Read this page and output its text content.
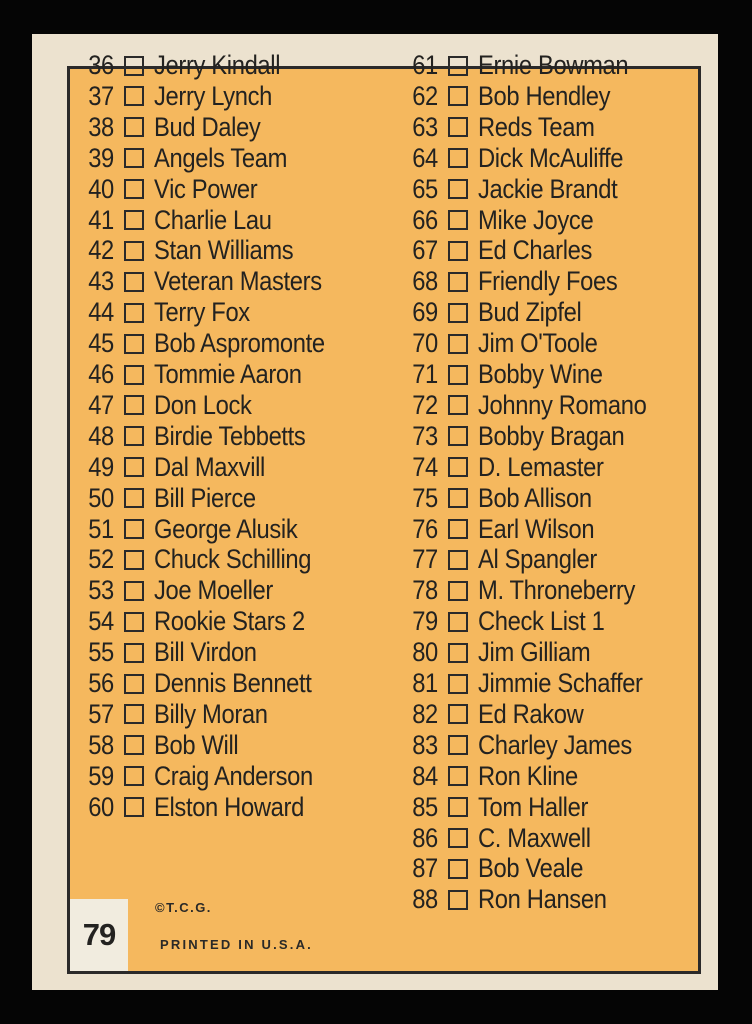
36 Jerry Kindall
37 Jerry Lynch
38 Bud Daley
39 Angels Team
40 Vic Power
41 Charlie Lau
42 Stan Williams
43 Veteran Masters
44 Terry Fox
45 Bob Aspromonte
46 Tommie Aaron
47 Don Lock
48 Birdie Tebbetts
49 Dal Maxvill
50 Bill Pierce
51 George Alusik
52 Chuck Schilling
53 Joe Moeller
54 Rookie Stars 2
55 Bill Virdon
56 Dennis Bennett
57 Billy Moran
58 Bob Will
59 Craig Anderson
60 Elston Howard
61 Ernie Bowman
62 Bob Hendley
63 Reds Team
64 Dick McAuliffe
65 Jackie Brandt
66 Mike Joyce
67 Ed Charles
68 Friendly Foes
69 Bud Zipfel
70 Jim O'Toole
71 Bobby Wine
72 Johnny Romano
73 Bobby Bragan
74 D. Lemaster
75 Bob Allison
76 Earl Wilson
77 Al Spangler
78 M. Throneberry
79 Check List 1
80 Jim Gilliam
81 Jimmie Schaffer
82 Ed Rakow
83 Charley James
84 Ron Kline
85 Tom Haller
86 C. Maxwell
87 Bob Veale
88 Ron Hansen
©T.C.G.
PRINTED IN U.S.A.
79
